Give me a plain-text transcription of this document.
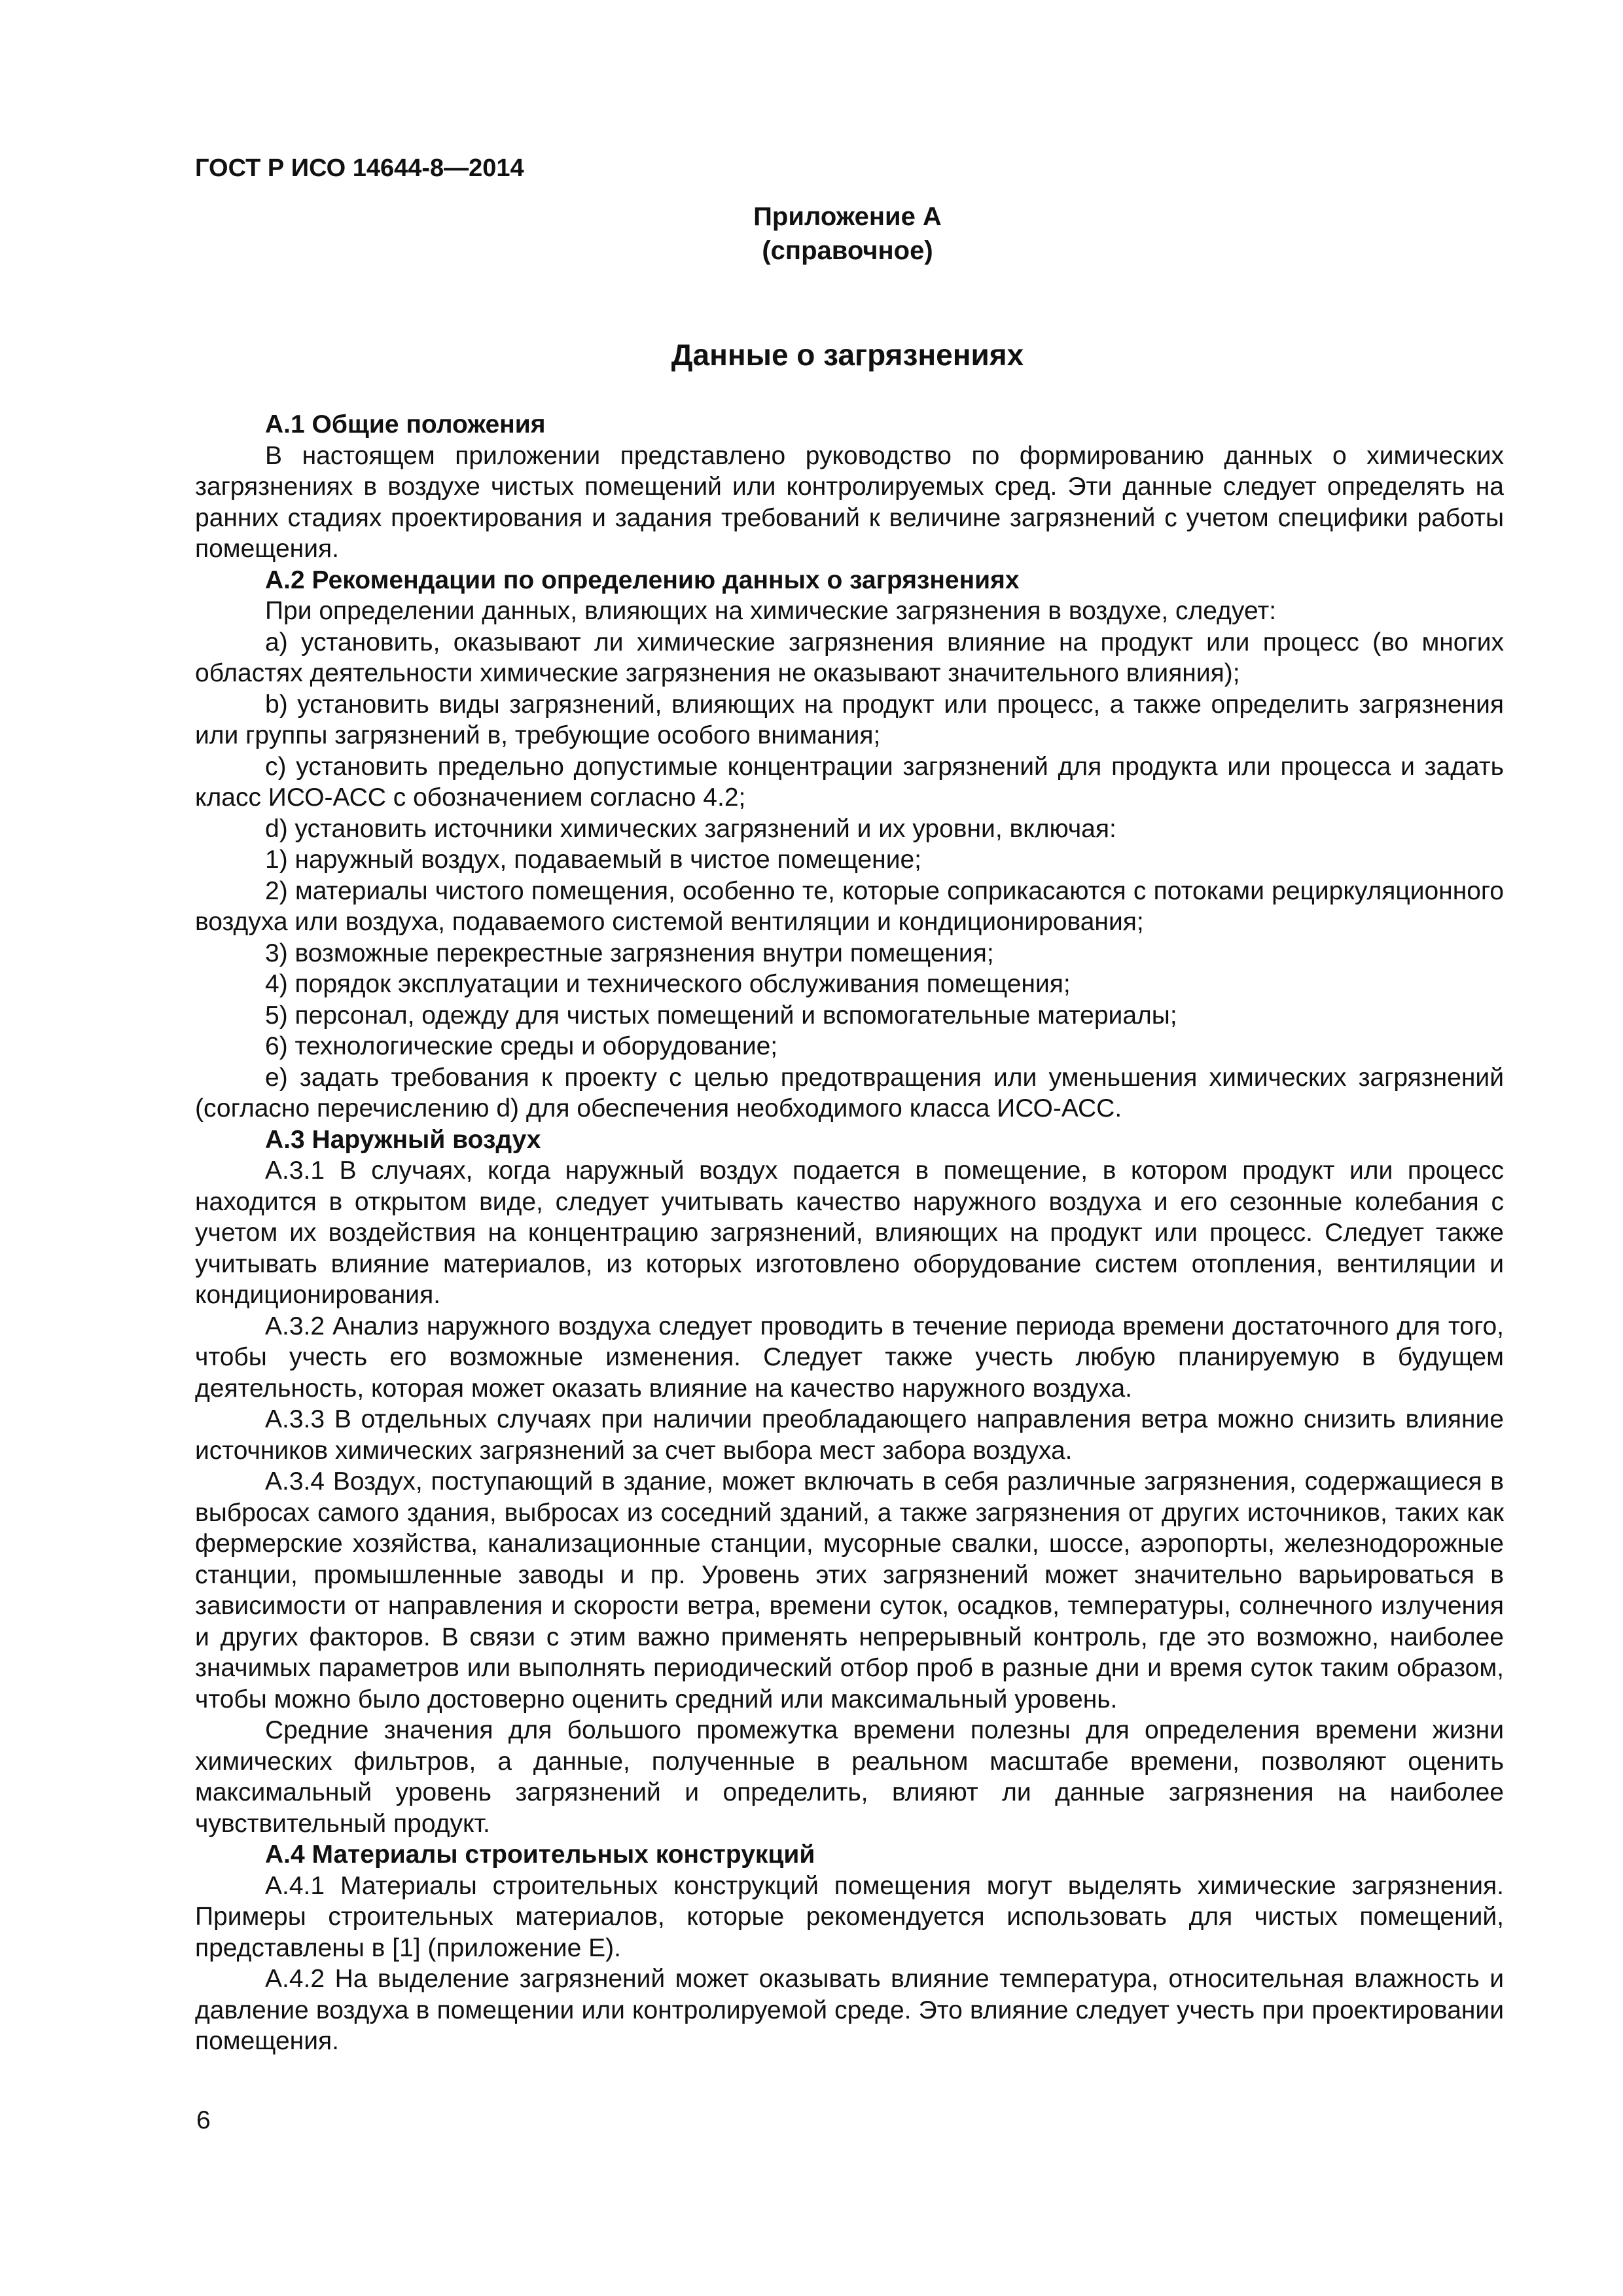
ГОСТ Р ИСО 14644-8—2014
Приложение А
(справочное)
Данные о загрязнениях

А.1 Общие положения

В настоящем приложении представлено руководство по формированию данных о химических загрязнениях в воздухе чистых помещений или контролируемых сред. Эти данные следует определять на ранних стадиях проектирования и задания требований к величине загрязнений с учетом специфики работы помещения.

А.2 Рекомендации по определению данных о загрязнениях

При определении данных, влияющих на химические загрязнения в воздухе, следует:

а) установить, оказывают ли химические загрязнения влияние на продукт или процесс (во многих областях деятельности химические загрязнения не оказывают значительного влияния);

b) установить виды загрязнений, влияющих на продукт или процесс, а также определить загрязнения или группы загрязнений в, требующие особого внимания;

c) установить предельно допустимые концентрации загрязнений для продукта или процесса и задать класс ИСО-АСС с обозначением согласно 4.2;

d) установить источники химических загрязнений и их уровни, включая:

1) наружный воздух, подаваемый в чистое помещение;

2) материалы чистого помещения, особенно те, которые соприкасаются с потоками рециркуляционного воздуха или воздуха, подаваемого системой вентиляции и кондиционирования;

3) возможные перекрестные загрязнения внутри помещения;

4) порядок эксплуатации и технического обслуживания помещения;

5) персонал, одежду для чистых помещений и вспомогательные материалы;

6) технологические среды и оборудование;

e) задать требования к проекту с целью предотвращения или уменьшения химических загрязнений (согласно перечислению d) для обеспечения необходимого класса ИСО-АСС.

А.3 Наружный воздух

А.3.1 В случаях, когда наружный воздух подается в помещение, в котором продукт или процесс находится в открытом виде, следует учитывать качество наружного воздуха и его сезонные колебания с учетом их воздействия на концентрацию загрязнений, влияющих на продукт или процесс. Следует также учитывать влияние материалов, из которых изготовлено оборудование систем отопления, вентиляции и кондиционирования.

А.3.2 Анализ наружного воздуха следует проводить в течение периода времени достаточного для того, чтобы учесть его возможные изменения. Следует также учесть любую планируемую в будущем деятельность, которая может оказать влияние на качество наружного воздуха.

А.3.3 В отдельных случаях при наличии преобладающего направления ветра можно снизить влияние источников химических загрязнений за счет выбора мест забора воздуха.

А.3.4 Воздух, поступающий в здание, может включать в себя различные загрязнения, содержащиеся в выбросах самого здания, выбросах из соседний зданий, а также загрязнения от других источников, таких как фермерские хозяйства, канализационные станции, мусорные свалки, шоссе, аэропорты, железнодорожные станции, промышленные заводы и пр. Уровень этих загрязнений может значительно варьироваться в зависимости от направления и скорости ветра, времени суток, осадков, температуры, солнечного излучения и других факторов. В связи с этим важно применять непрерывный контроль, где это возможно, наиболее значимых параметров или выполнять периодический отбор проб в разные дни и время суток таким образом, чтобы можно было достоверно оценить средний или максимальный уровень.

Средние значения для большого промежутка времени полезны для определения времени жизни химических фильтров, а данные, полученные в реальном масштабе времени, позволяют оценить максимальный уровень загрязнений и определить, влияют ли данные загрязнения на наиболее чувствительный продукт.

А.4 Материалы строительных конструкций

А.4.1 Материалы строительных конструкций помещения могут выделять химические загрязнения. Примеры строительных материалов, которые рекомендуется использовать для чистых помещений, представлены в [1] (приложение Е).

А.4.2 На выделение загрязнений может оказывать влияние температура, относительная влажность и давление воздуха в помещении или контролируемой среде. Это влияние следует учесть при проектировании помещения.

6
